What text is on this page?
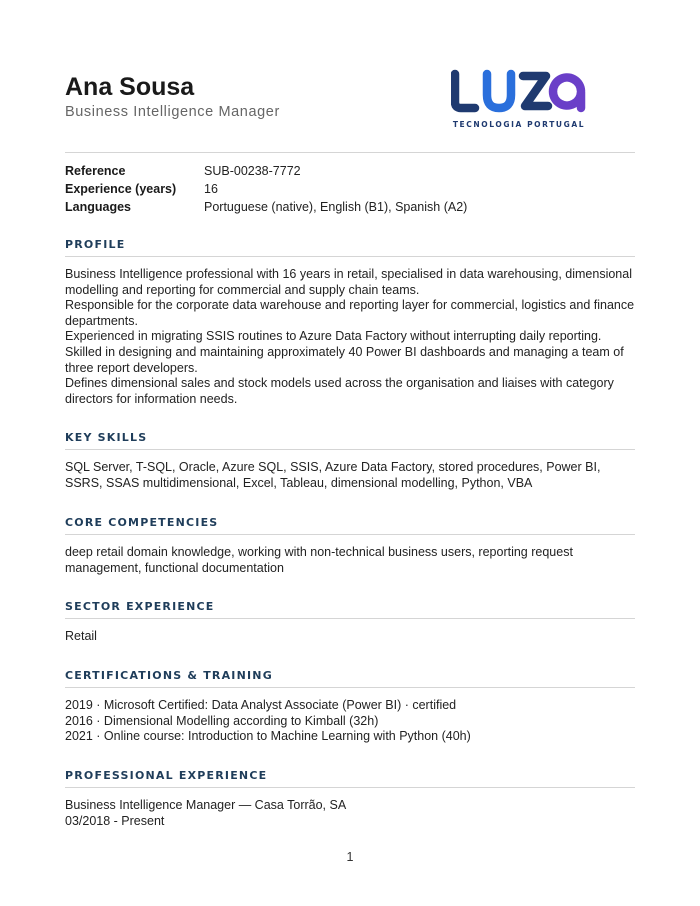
Ana Sousa
Business Intelligence Manager
TECNOLOGIA PORTUGAL
Reference	SUB-00238-7772
Experience (years) 16
Languages	Portuguese (native), English (B1), Spanish (A2)
PROFILE

Business Intelligence professional with 16 years in retail, specialised in data warehousing, dimensional modelling and reporting for commercial and supply chain teams.

Responsible for the corporate data warehouse and reporting layer for commercial, logistics and finance departments.

Experienced in migrating SSIS routines to Azure Data Factory without interrupting daily reporting.

Skilled in designing and maintaining approximately 40 Power BI dashboards and managing a team of three report developers.

Defines dimensional sales and stock models used across the organisation and liaises with category directors for information needs.

KEY SKILLS

SQL Server, T-SQL, Oracle, Azure SQL, SSIS, Azure Data Factory, stored procedures, Power BI, SSRS, SSAS multidimensional, Excel, Tableau, dimensional modelling, Python, VBA

CORE COMPETENCIES

deep retail domain knowledge, working with non-technical business users, reporting request management, functional documentation

SECTOR EXPERIENCE

Retail

CERTIFICATIONS & TRAINING

2019 · Microsoft Certified: Data Analyst Associate (Power BI) · certified

2016 · Dimensional Modelling according to Kimball (32h)

2021 · Online course: Introduction to Machine Learning with Python (40h)

PROFESSIONAL EXPERIENCE

Business Intelligence Manager — Casa Torrão, SA

03/2018 - Present

1
